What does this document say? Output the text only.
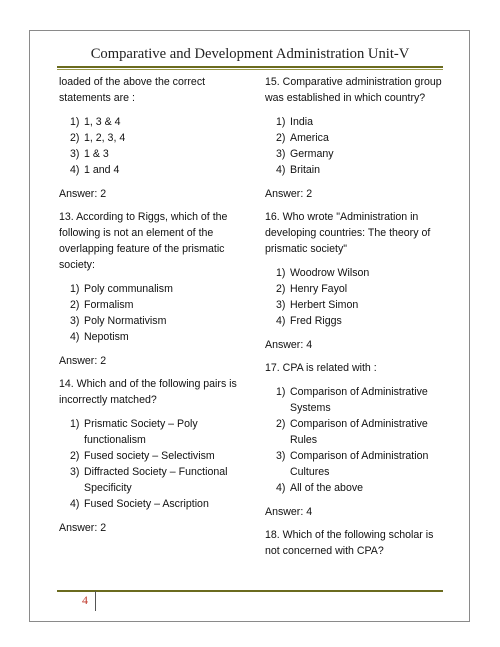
Comparative and Development Administration Unit-V

loaded of the above the correct statements are :

1) 1, 3 & 4
2) 1, 2, 3, 4
3) 1 & 3
4) 1 and 4

Answer: 2

13. According to Riggs, which of the following is not an element of the overlapping feature of the prismatic society:

1) Poly communalism
2) Formalism
3) Poly Normativism
4) Nepotism

Answer: 2

14. Which and of the following pairs is incorrectly matched?

1) Prismatic Society – Poly functionalism
2) Fused society – Selectivism
3) Diffracted Society – Functional Specificity
4) Fused Society – Ascription

Answer: 2

15. Comparative administration group was established in which country?

1) India
2) America
3) Germany
4) Britain

Answer: 2

16. Who wrote "Administration in developing countries: The theory of prismatic society"

1) Woodrow Wilson
2) Henry Fayol
3) Herbert Simon
4) Fred Riggs

Answer: 4

17. CPA is related with :

1) Comparison of Administrative Systems
2) Comparison of Administrative Rules
3) Comparison of Administration Cultures
4) All of the above

Answer: 4

18. Which of the following scholar is not concerned with CPA?

4
